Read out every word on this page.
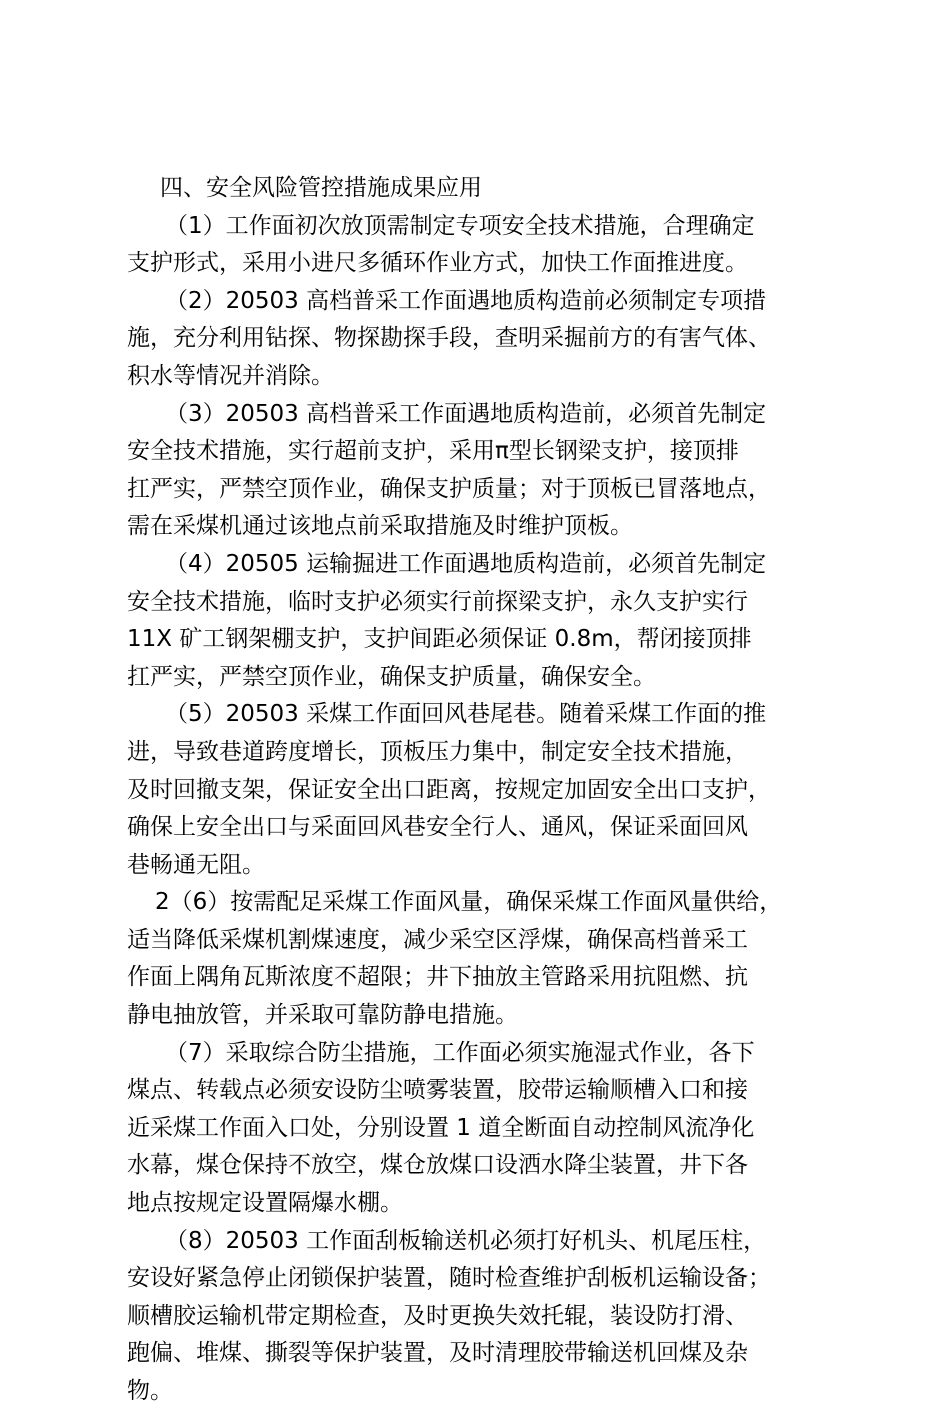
四、安全风险管控措施成果应用
（1）工作面初次放顶需制定专项安全技术措施，合理确定
支护形式，采用小进尺多循环作业方式，加快工作面推进度。
（2）20503 高档普采工作面遇地质构造前必须制定专项措
施，充分利用钻探、物探勘探手段，查明采掘前方的有害气体、
积水等情况并消除。
（3）20503 高档普采工作面遇地质构造前，必须首先制定
安全技术措施，实行超前支护，采用π型长钢梁支护，接顶排
扛严实，严禁空顶作业，确保支护质量；对于顶板已冒落地点，
需在采煤机通过该地点前采取措施及时维护顶板。
（4）20505 运输掘进工作面遇地质构造前，必须首先制定
安全技术措施，临时支护必须实行前探梁支护，永久支护实行
11X 矿工钢架棚支护，支护间距必须保证 0.8m，帮闭接顶排
扛严实，严禁空顶作业，确保支护质量，确保安全。
（5）20503 采煤工作面回风巷尾巷。随着采煤工作面的推
进，导致巷道跨度增长，顶板压力集中，制定安全技术措施，
及时回撤支架，保证安全出口距离，按规定加固安全出口支护，
确保上安全出口与采面回风巷安全行人、通风，保证采面回风
巷畅通无阻。
2（6）按需配足采煤工作面风量，确保采煤工作面风量供给，
适当降低采煤机割煤速度，减少采空区浮煤，确保高档普采工
作面上隅角瓦斯浓度不超限；井下抽放主管路采用抗阻燃、抗
静电抽放管，并采取可靠防静电措施。
（7）采取综合防尘措施，工作面必须实施湿式作业，各下
煤点、转载点必须安设防尘喷雾装置，胶带运输顺槽入口和接
近采煤工作面入口处，分别设置 1 道全断面自动控制风流净化
水幕，煤仓保持不放空，煤仓放煤口设洒水降尘装置，井下各
地点按规定设置隔爆水棚。
（8）20503 工作面刮板输送机必须打好机头、机尾压柱，
安设好紧急停止闭锁保护装置，随时检查维护刮板机运输设备；
顺槽胶运输机带定期检查，及时更换失效托辊，装设防打滑、
跑偏、堆煤、撕裂等保护装置，及时清理胶带输送机回煤及杂
物。
